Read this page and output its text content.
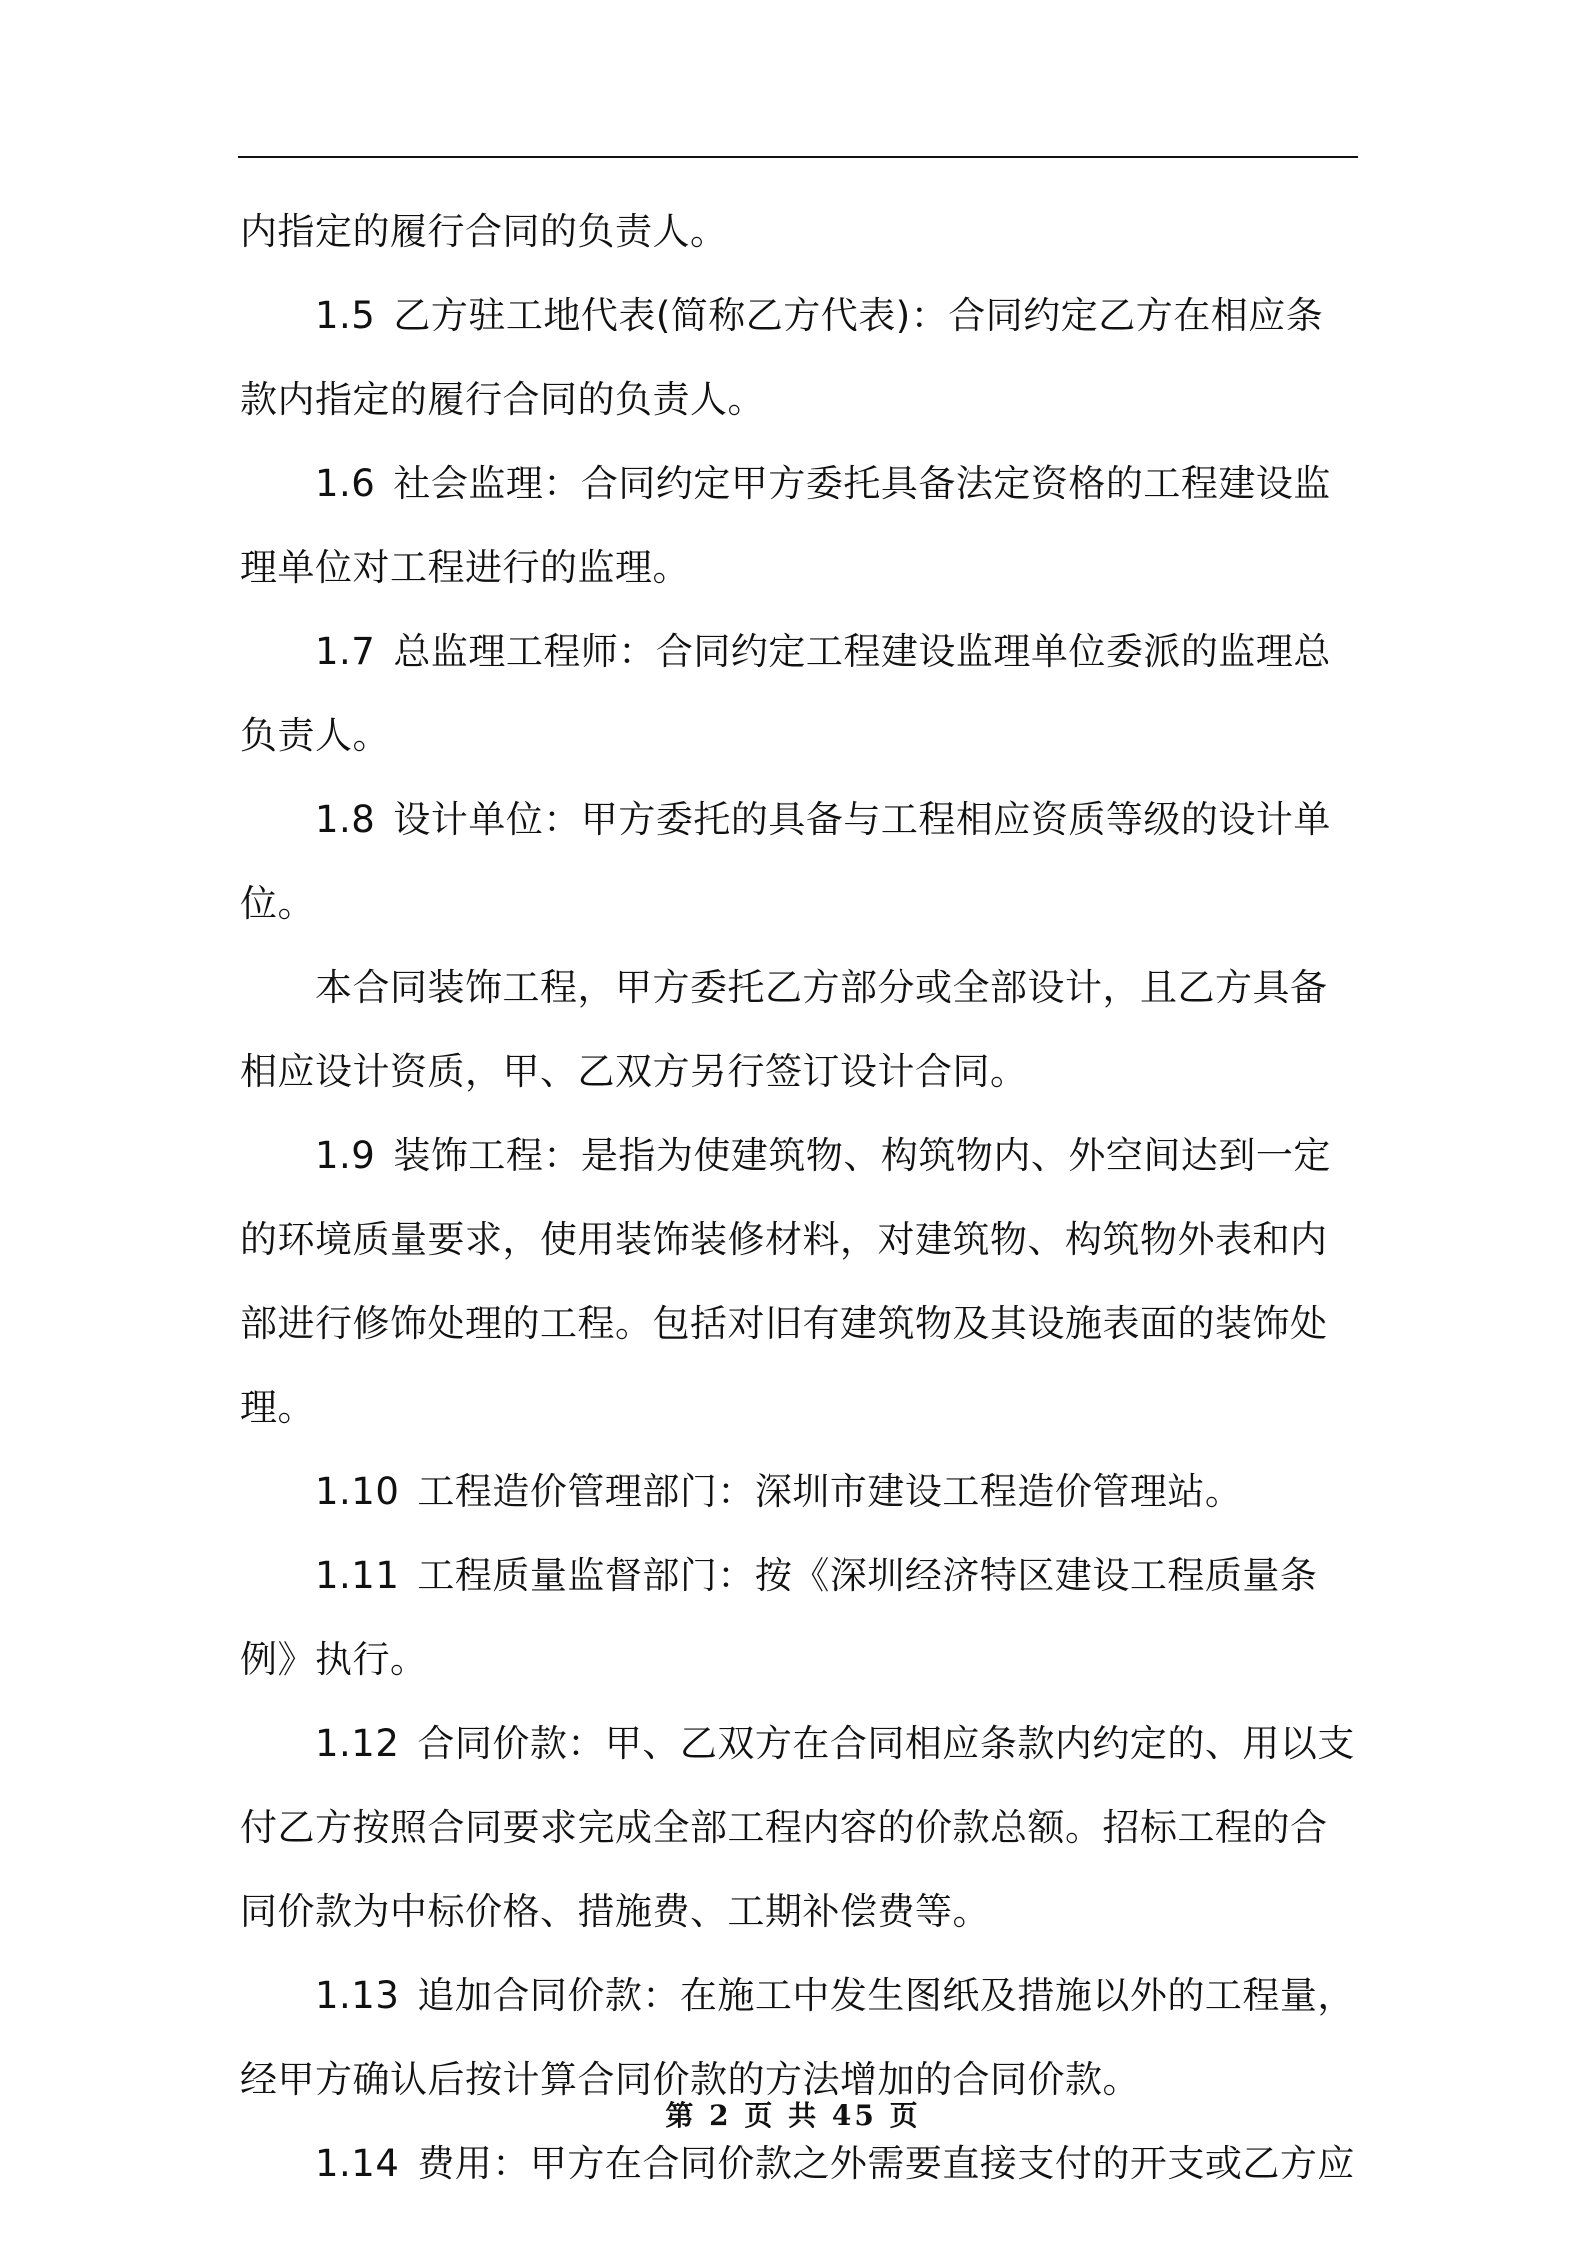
内指定的履行合同的负责人。

1.5 乙方驻工地代表(简称乙方代表)：合同约定乙方在相应条款内指定的履行合同的负责人。

1.6 社会监理：合同约定甲方委托具备法定资格的工程建设监理单位对工程进行的监理。

1.7 总监理工程师：合同约定工程建设监理单位委派的监理总负责人。

1.8 设计单位：甲方委托的具备与工程相应资质等级的设计单位。

本合同装饰工程，甲方委托乙方部分或全部设计，且乙方具备相应设计资质，甲、乙双方另行签订设计合同。

1.9 装饰工程：是指为使建筑物、构筑物内、外空间达到一定的环境质量要求，使用装饰装修材料，对建筑物、构筑物外表和内部进行修饰处理的工程。包括对旧有建筑物及其设施表面的装饰处理。

1.10 工程造价管理部门：深圳市建设工程造价管理站。

1.11 工程质量监督部门：按《深圳经济特区建设工程质量条例》执行。

1.12 合同价款：甲、乙双方在合同相应条款内约定的、用以支付乙方按照合同要求完成全部工程内容的价款总额。招标工程的合同价款为中标价格、措施费、工期补偿费等。

1.13 追加合同价款：在施工中发生图纸及措施以外的工程量，经甲方确认后按计算合同价款的方法增加的合同价款。

1.14 费用：甲方在合同价款之外需要直接支付的开支或乙方应

第 2 页 共 45 页
